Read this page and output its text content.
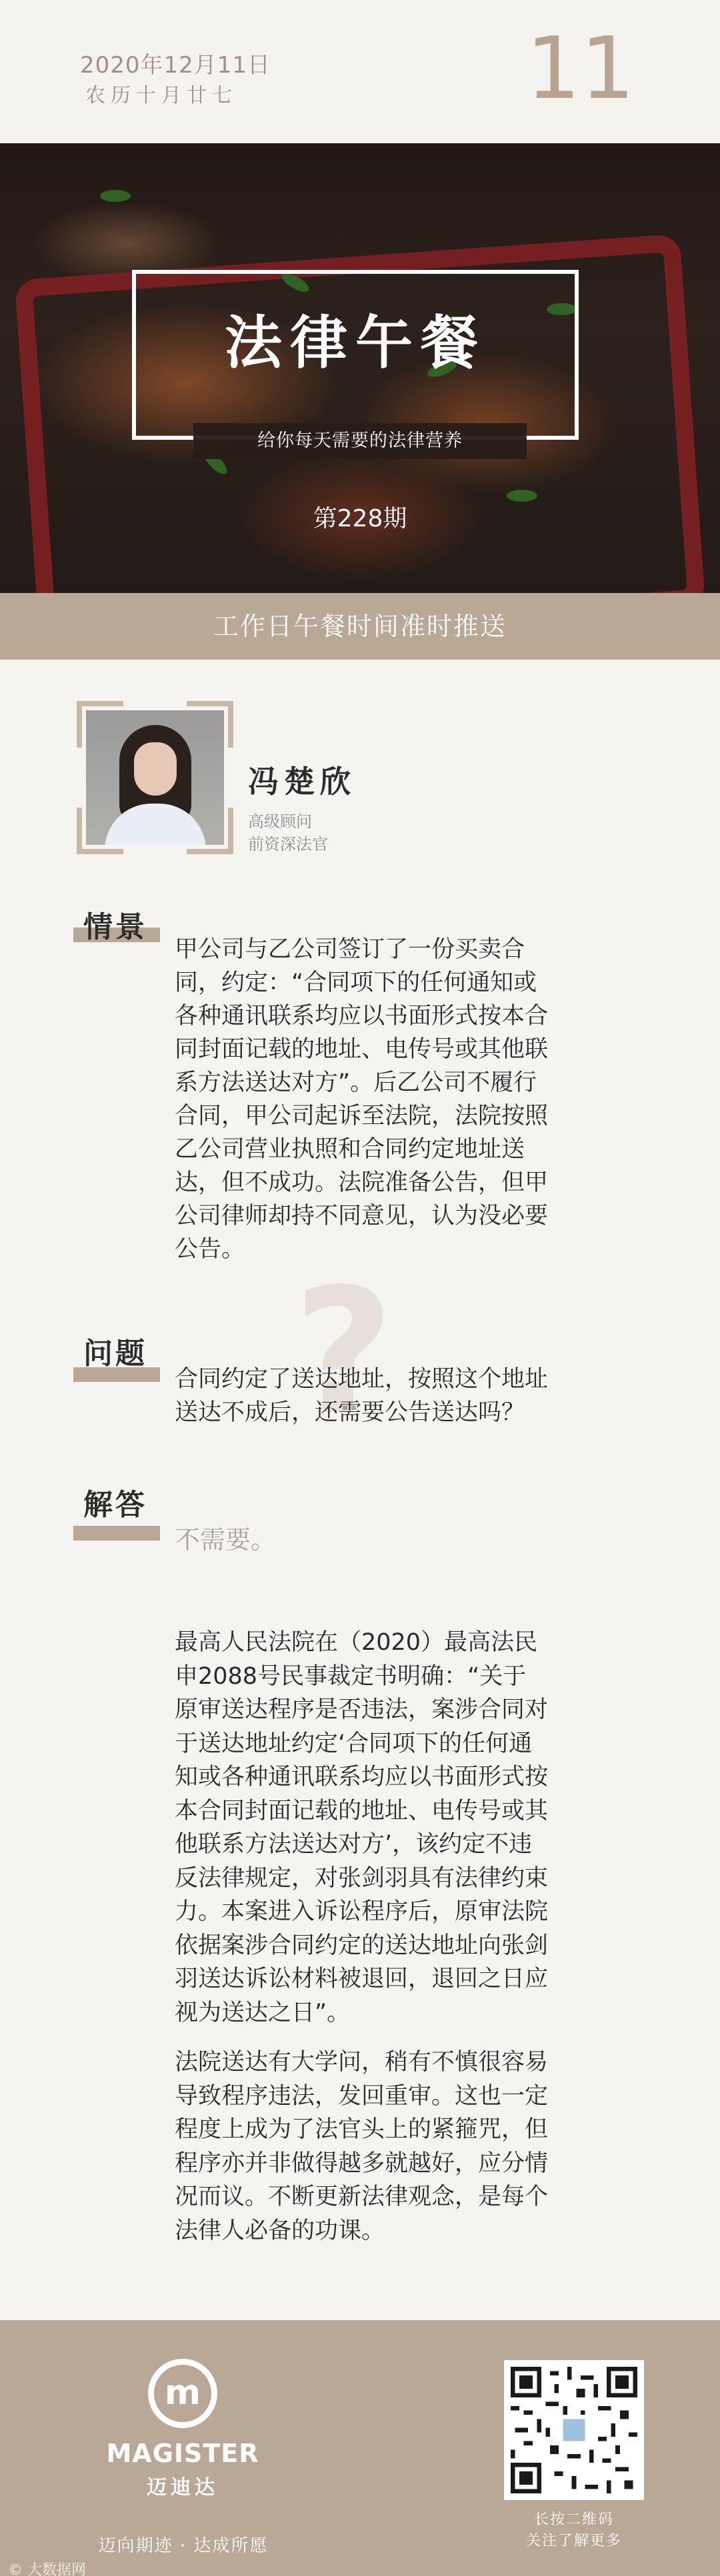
2020年12月11日
农历十月廿七	11
法律午餐
给你每天需要的法律营养
第228期
工作日午餐时间准时推送
冯楚欣
高级顾问
前资深法官
情景
甲公司与乙公司签订了一份买卖合
同，约定：“合同项下的任何通知或
各种通讯联系均应以书面形式按本合
同封面记载的地址、电传号或其他联
系方法送达对方”。后乙公司不履行
合同，甲公司起诉至法院，法院按照
乙公司营业执照和合同约定地址送
达，但不成功。法院准备公告，但甲
公司律师却持不同意见，认为没必要
公告。
?
问题
合同约定了送达地址，按照这个地址
送达不成后，还需要公告送达吗？
解答
不需要。
最高人民法院在（2020）最高法民
申2088号民事裁定书明确：“关于
原审送达程序是否违法，案涉合同对
于送达地址约定‘合同项下的任何通
知或各种通讯联系均应以书面形式按
本合同封面记载的地址、电传号或其
他联系方法送达对方’，该约定不违
反法律规定，对张剑羽具有法律约束
力。本案进入诉讼程序后，原审法院
依据案涉合同约定的送达地址向张剑
羽送达诉讼材料被退回，退回之日应
视为送达之日”。
法院送达有大学问，稍有不慎很容易
导致程序违法，发回重审。这也一定
程度上成为了法官头上的紧箍咒，但
程序亦并非做得越多就越好，应分情
况而议。不断更新法律观念，是每个
法律人必备的功课。
m
MAGISTER
迈迪达
迈向期迹 · 达成所愿
长按二维码
关注了解更多
© 大数据网
